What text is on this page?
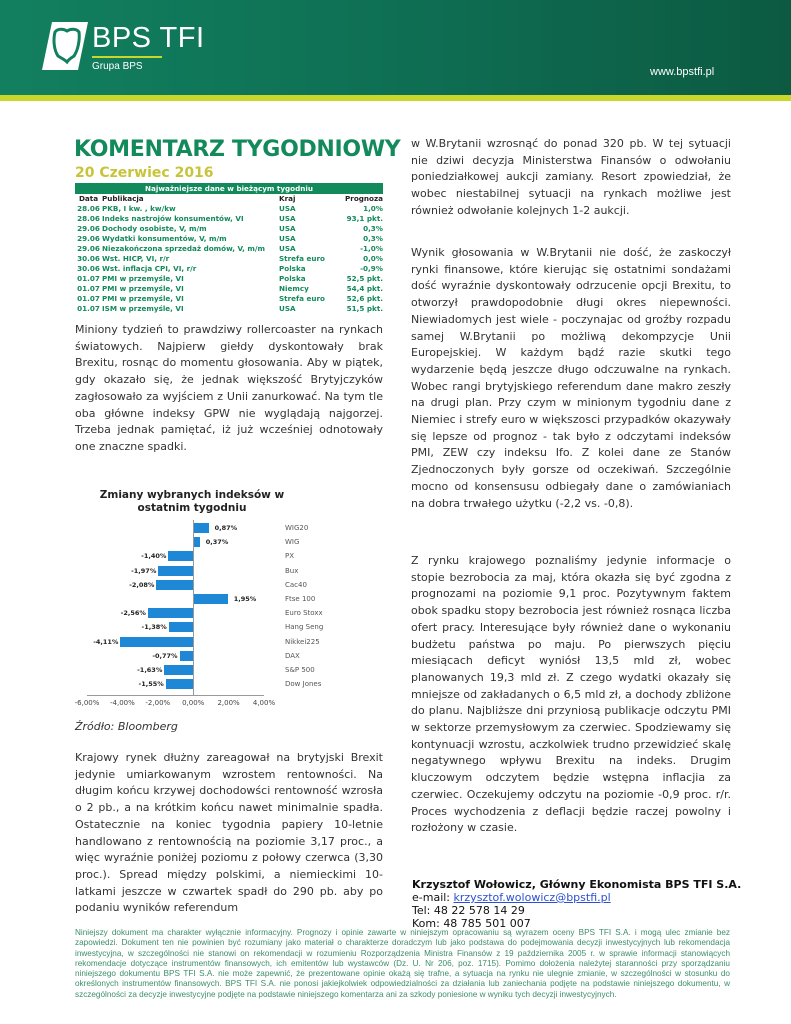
BPS TFI
Grupa BPS	www.bpstfi.pl
KOMENTARZ TYGODNIOWY
20 Czerwiec 2016
Najważniejsze dane w bieżącym tygodniu
Data Publikacja	Kraj	Prognoza
28.06 PKB, I kw. , kw/kw	USA	1,0%
28.06 Indeks nastrojów konsumentów, VI	USA	93,1 pkt.
29.06 Dochody osobiste, V, m/m	USA	0,3%
29.06 Wydatki konsumentów, V, m/m	USA	0,3%
29.06 Niezakończona sprzedaż domów, V, m/m	USA	-1,0%
30.06 Wst. HICP, VI, r/r	Strefa euro	0,0%
30.06 Wst. inflacja CPI, VI, r/r	Polska	-0,9%
01.07 PMI w przemyśle, VI	Polska	52,5 pkt.
01.07 PMI w przemyśle, VI	Niemcy	54,4 pkt.
01.07 PMI w przemyśle, VI	Strefa euro	52,6 pkt.
01.07 ISM w przemyśle, VI	USA	51,5 pkt.
Miniony tydzień to prawdziwy rollercoaster na rynkach światowych. Najpierw giełdy dyskontowały brak Brexitu, rosnąc do momentu głosowania. Aby w piątek, gdy okazało się, że jednak większość Brytyjczyków zagłosowało za wyjściem z Unii zanurkować. Na tym tle oba główne indeksy GPW nie wyglądają najgorzej. Trzeba jednak pamiętać, iż już wcześniej odnotowały one znaczne spadki.
Zmiany wybranych indeksów w ostatnim tygodniu
0,87%	WIG20
0,37%	WIG
-1,40%	PX
-1,97%	Bux
-2,08%	Cac40
1,95%	Ftse 100
-2,56%	Euro Stoxx
-1,38%	Hang Seng
-4,11%	Nikkei225
-0,77%	DAX
-1,63%	S&P 500
-1,55%	Dow Jones
-6,00% -4,00% -2,00%	0,00%	2,00%	4,00%
Źródło: Bloomberg
Krajowy rynek dłużny zareagował na brytyjski Brexit jedynie umiarkowanym wzrostem rentowności. Na długim końcu krzywej dochodowści rentowność wzrosła o 2 pb., a na krótkim końcu nawet minimalnie spadła. Ostatecznie na koniec tygodnia papiery 10-letnie handlowano z rentownością na poziomie 3,17 proc., a więc wyraźnie poniżej poziomu z połowy czerwca (3,30 proc.). Spread między polskimi, a niemieckimi 10-latkami jeszcze w czwartek spadł do 290 pb. aby po podaniu wyników referendum
w W.Brytanii wzrosnąć do ponad 320 pb. W tej sytuacji nie dziwi decyzja Ministerstwa Finansów o odwołaniu poniedziałkowej aukcji zamiany. Resort zpowiedział, że wobec niestabilnej sytuacji na rynkach możliwe jest również odwołanie kolejnych 1-2 aukcji.
Wynik głosowania w W.Brytanii nie dość, że zaskoczył rynki finansowe, które kierując się ostatnimi sondażami dość wyraźnie dyskontowały odrzucenie opcji Brexitu, to otworzył prawdopodobnie długi okres niepewności. Niewiadomych jest wiele - poczynajac od groźby rozpadu samej W.Brytanii po możliwą dekompzycje Unii Europejskiej. W każdym bądź razie skutki tego wydarzenie będą jeszcze długo odczuwalne na rynkach. Wobec rangi brytyjskiego referendum dane makro zeszły na drugi plan. Przy czym w minionym tygodniu dane z Niemiec i strefy euro w większosci przypadków okazywały się lepsze od prognoz - tak było z odczytami indeksów PMI, ZEW czy indeksu Ifo. Z kolei dane ze Stanów Zjednoczonych były gorsze od oczekiwań. Szczególnie mocno od konsensusu odbiegały dane o zamówianiach na dobra trwałego użytku (-2,2 vs. -0,8).
Z rynku krajowego poznaliśmy jedynie informacje o stopie bezrobocia za maj, która okazła się być zgodna z prognozami na poziomie 9,1 proc. Pozytywnym faktem obok spadku stopy bezrobocia jest również rosnąca liczba ofert pracy. Interesujące były również dane o wykonaniu budżetu państwa po maju. Po pierwszych pięciu miesiącach deficyt wyniósł 13,5 mld zł, wobec planowanych 19,3 mld zł. Z czego wydatki okazały się mniejsze od zakładanych o 6,5 mld zł, a dochody zbliżone do planu. Najbliższe dni przyniosą publikacje odczytu PMI w sektorze przemysłowym za czerwiec. Spodziewamy się kontynuacji wzrostu, aczkolwiek trudno przewidzieć skalę negatywnego wpływu Brexitu na indeks. Drugim kluczowym odczytem będzie wstępna inflacjia za czerwiec. Oczekujemy odczytu na poziomie -0,9 proc. r/r. Proces wychodzenia z deflacji będzie raczej powolny i rozłożony w czasie.
Krzysztof Wołowicz, Główny Ekonomista BPS TFI S.A.
e-mail: krzysztof.wolowicz@bpstfi.pl
Tel: 48 22 578 14 29
Kom: 48 785 501 007
Niniejszy dokument ma charakter wyłącznie informacyjny. Prognozy i opinie zawarte w niniejszym opracowaniu są wyrazem oceny BPS TFI S.A. i mogą ulec zmianie bez zapowiedzi. Dokument ten nie powinien być rozumiany jako materiał o charakterze doradczym lub jako podstawa do podejmowania decyzji inwestycyjnych lub rekomendacja inwestycyjna, w szczególności nie stanowi on rekomendacji w rozumieniu Rozporządzenia Ministra Finansów z 19 października 2005 r. w sprawie informacji stanowiących rekomendacje dotyczące instrumentów finansowych, ich emitentów lub wystawców (Dz. U. Nr 206, poz. 1715). Pomimo dołożenia należytej staranności przy sporządzaniu niniejszego dokumentu BPS TFI S.A. nie może zapewnić, że prezentowane opinie okażą się trafne, a sytuacja na rynku nie ulegnie zmianie, w szczególności w stosunku do określonych instrumentów finansowych. BPS TFI S.A. nie ponosi jakiejkolwiek odpowiedzialności za działania lub zaniechania podjęte na podstawie niniejszego dokumentu, w szczególności za decyzje inwestycyjne podjęte na podstawie niniejszego komentarza ani za szkody poniesione w wyniku tych decyzji inwestycyjnych.
